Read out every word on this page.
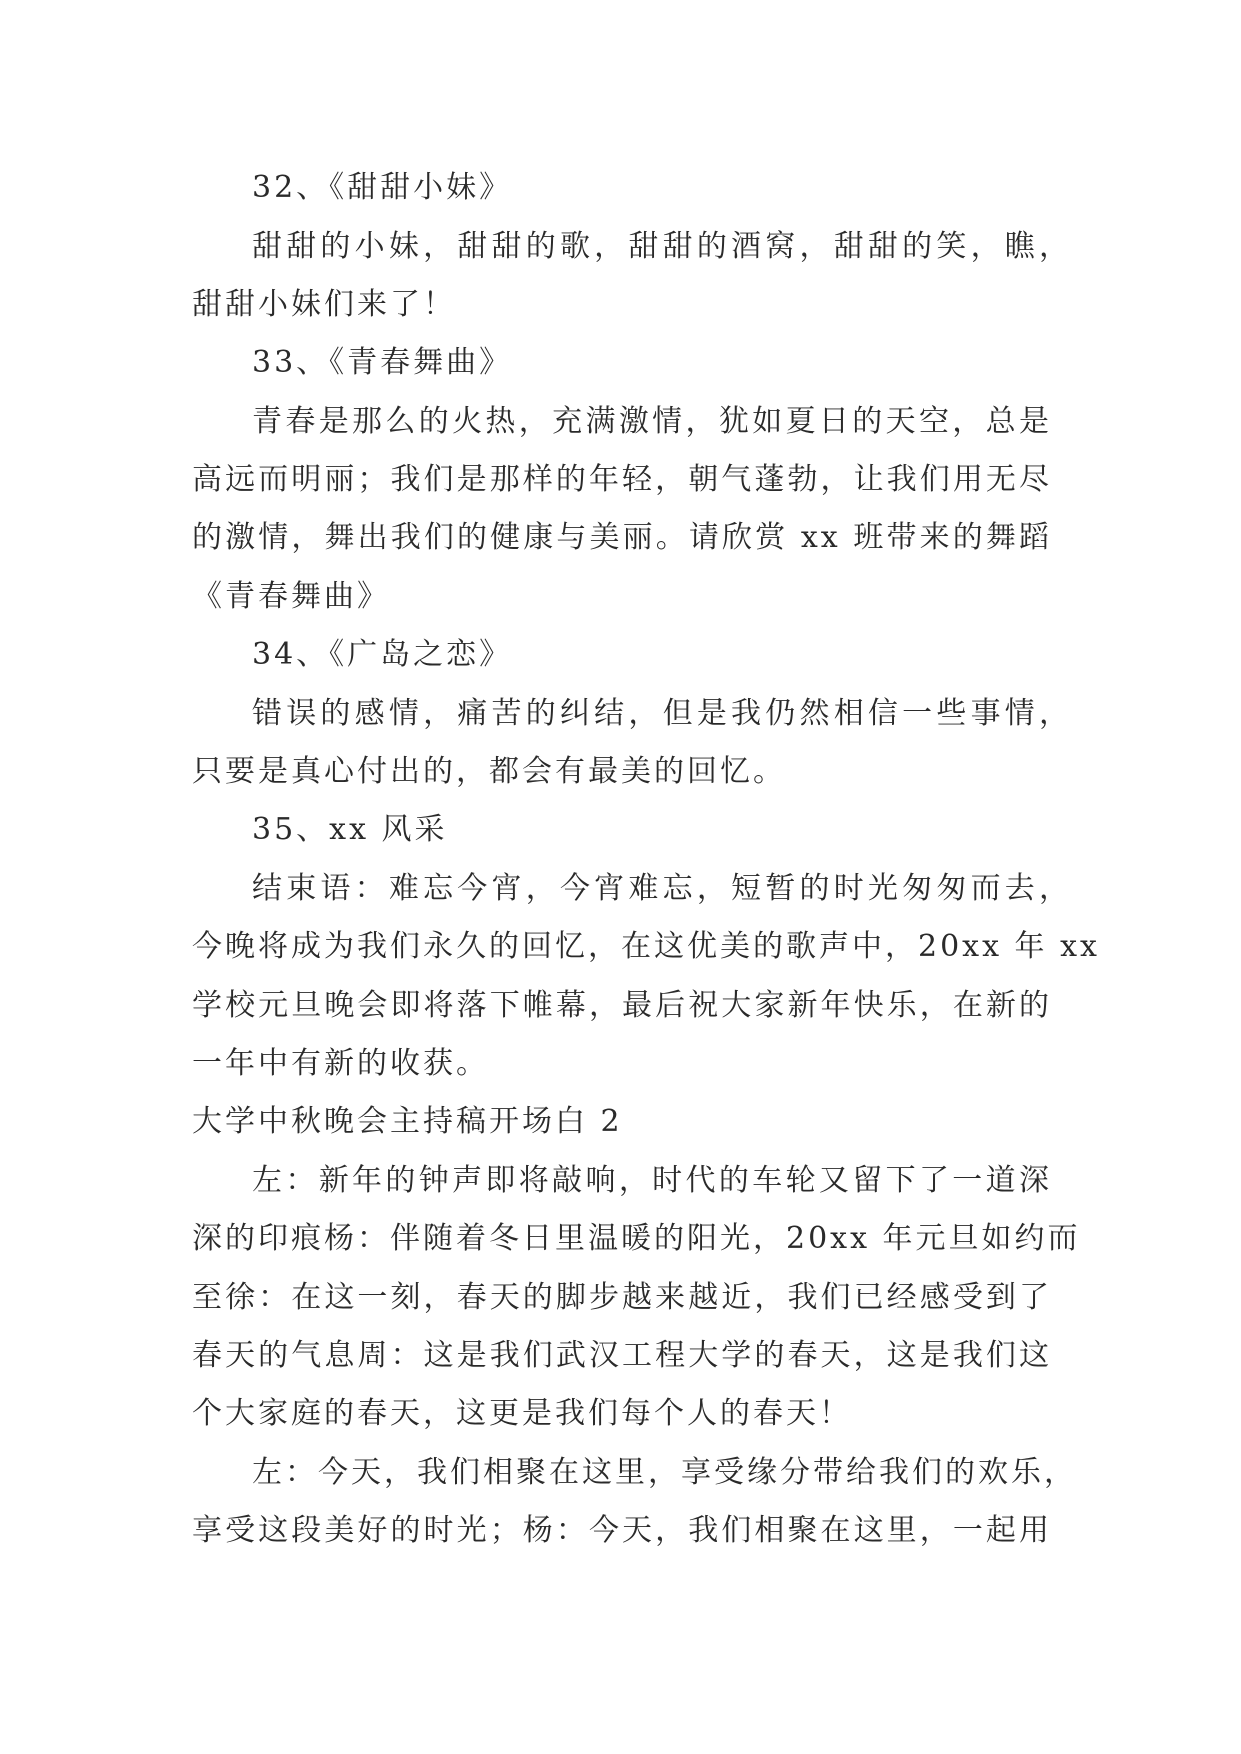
32、《甜甜小妹》
甜甜的小妹，甜甜的歌，甜甜的酒窝，甜甜的笑，瞧，
甜甜小妹们来了！
33、《青春舞曲》
青春是那么的火热，充满激情，犹如夏日的天空，总是
高远而明丽；我们是那样的年轻，朝气蓬勃，让我们用无尽
的激情，舞出我们的健康与美丽。请欣赏 xx 班带来的舞蹈
《青春舞曲》
34、《广岛之恋》
错误的感情，痛苦的纠结，但是我仍然相信一些事情，
只要是真心付出的，都会有最美的回忆。
35、xx 风采
结束语：难忘今宵，今宵难忘，短暂的时光匆匆而去，
今晚将成为我们永久的回忆，在这优美的歌声中，20xx 年 xx
学校元旦晚会即将落下帷幕，最后祝大家新年快乐，在新的
一年中有新的收获。
大学中秋晚会主持稿开场白 2
左：新年的钟声即将敲响，时代的车轮又留下了一道深
深的印痕杨：伴随着冬日里温暖的阳光，20xx 年元旦如约而
至徐：在这一刻，春天的脚步越来越近，我们已经感受到了
春天的气息周：这是我们武汉工程大学的春天，这是我们这
个大家庭的春天，这更是我们每个人的春天！
左：今天，我们相聚在这里，享受缘分带给我们的欢乐，
享受这段美好的时光；杨：今天，我们相聚在这里，一起用
